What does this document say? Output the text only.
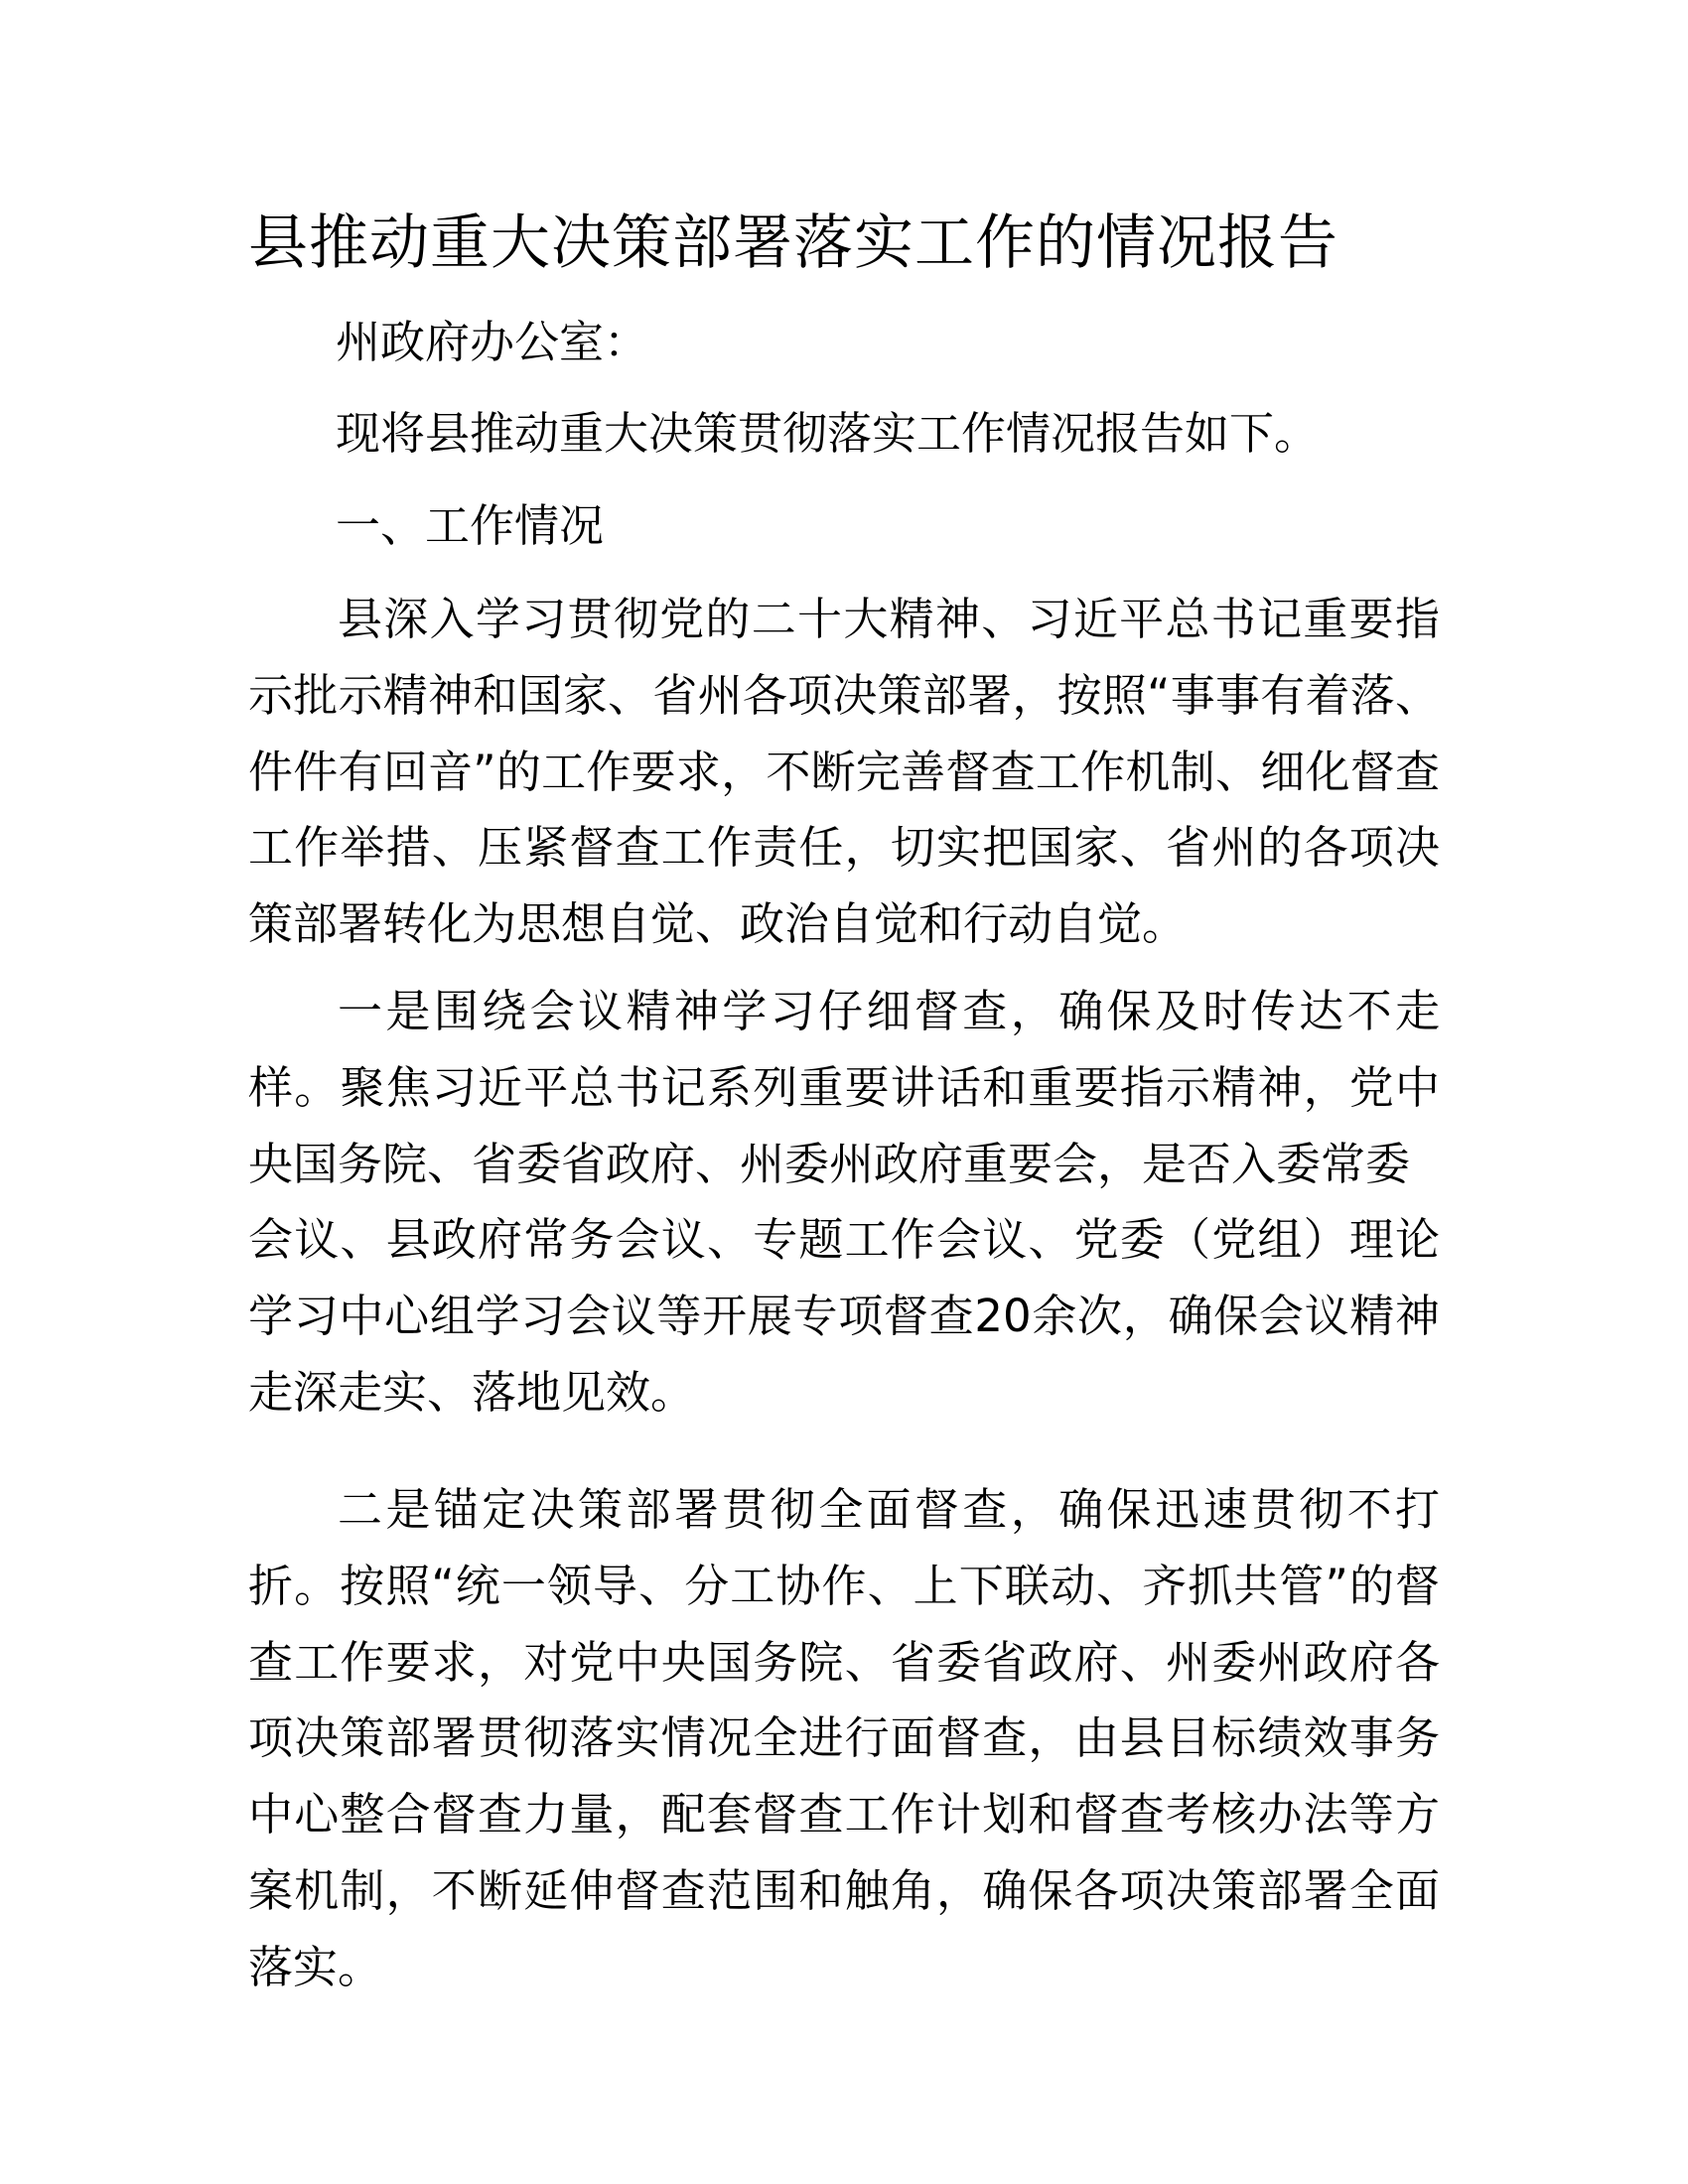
县推动重大决策部署落实工作的情况报告
州政府办公室：
现将县推动重大决策贯彻落实工作情况报告如下。
一、工作情况

县深入学习贯彻党的二十大精神、习近平总书记重要指示批示精神和国家、省州各项决策部署，按照“事事有着落、件件有回音”的工作要求，不断完善督查工作机制、细化督查工作举措、压紧督查工作责任，切实把国家、省州的各项决策部署转化为思想自觉、政治自觉和行动自觉。

一是围绕会议精神学习仔细督查，确保及时传达不走样。聚焦习近平总书记系列重要讲话和重要指示精神，党中央国务院、省委省政府、州委州政府重要会，是否入委常委
会议、县政府常务会议、专题工作会议、党委（党组）理论学习中心组学习会议等开展专项督查20余次，确保会议精神走深走实、落地见效。

二是锚定决策部署贯彻全面督查，确保迅速贯彻不打折。按照“统一领导、分工协作、上下联动、齐抓共管”的督查工作要求，对党中央国务院、省委省政府、州委州政府各项决策部署贯彻落实情况全进行面督查，由县目标绩效事务中心整合督查力量，配套督查工作计划和督查考核办法等方案机制，不断延伸督查范围和触角，确保各项决策部署全面落实。
